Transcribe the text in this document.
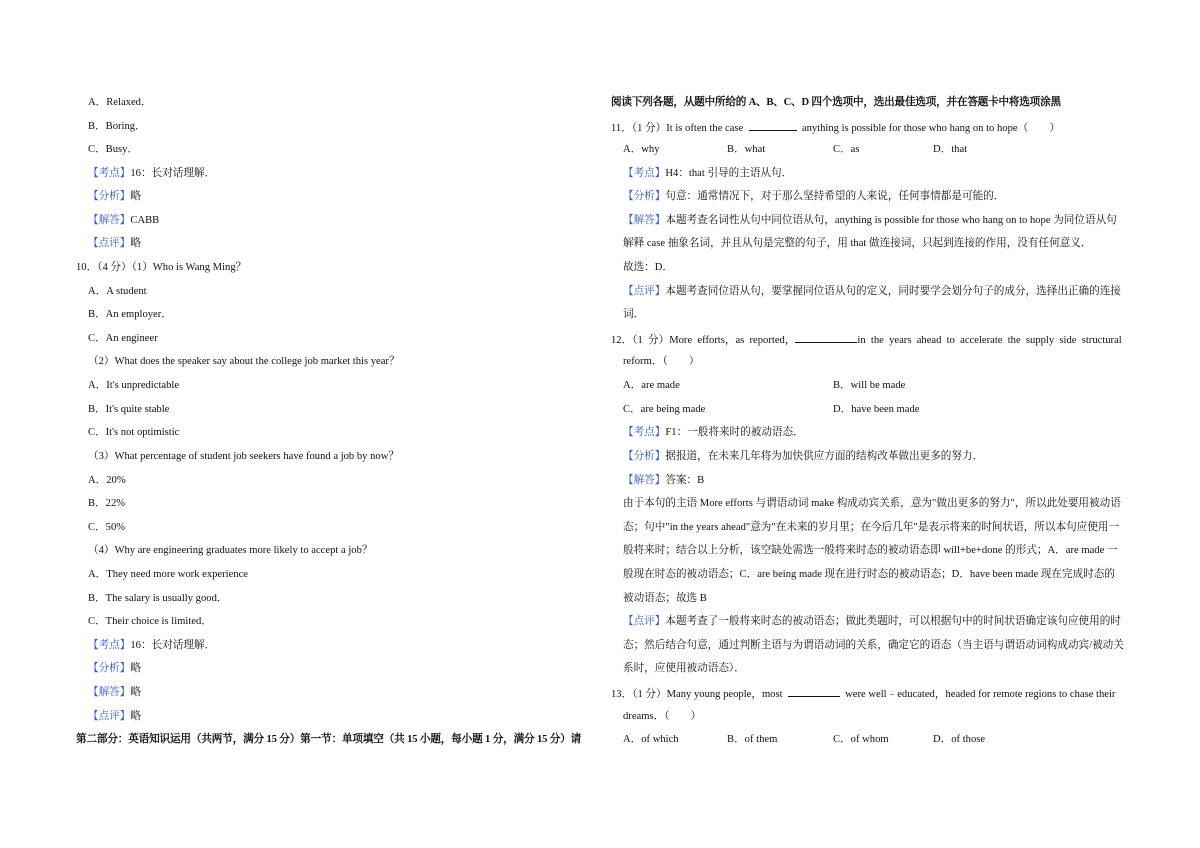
A．Relaxed．
B．Boring．
C．Busy．
【考点】16：长对话理解．
【分析】略
【解答】CABB
【点评】略
10．（4 分）（1）Who is Wang Ming？
A．A student
B．An employer．
C．An engineer
（2）What does the speaker say about the college job market this year？
A．It's unpredictable
B．It's quite stable
C．It's not optimistic
（3）What percentage of student job seekers have found a job by now？
A．20%
B．22%
C．50%
（4）Why are engineering graduates more likely to accept a job？
A．They need more work experience
B．The salary is usually good．
C．Their choice is limited．
【考点】16：长对话理解．
【分析】略
【解答】略
【点评】略
第二部分：英语知识运用（共两节，满分 15 分）第一节：单项填空（共 15 小题，每小题 1 分，满分 15 分）请
阅读下列各题，从题中所给的 A、B、C、D 四个选项中，选出最佳选项，并在答题卡中将选项涂黑
11．（1 分）It is often the case	anything is possible for those who hang on to hope（　　）
A．why	B．what	C．as	D．that
【考点】H4：that 引导的主语从句．
【分析】句意：通常情况下，对于那么坚持希望的人来说，任何事情都是可能的．
【解答】本题考查名词性从句中同位语从句，anything is possible for those who hang on to hope 为同位语从句
解释 case 抽象名词，并且从句是完整的句子，用 that 做连接词，只起到连接的作用，没有任何意义．
故选：D．
【点评】本题考查同位语从句，要掌握同位语从句的定义，同时要学会划分句子的成分，选择出正确的连接
词．
12．（1 分）More efforts，as reported，	in the years ahead to accelerate the supply side structural
reform．（　　）
A．are made	B．will be made
C．are being made	D．have been made
【考点】F1：一般将来时的被动语态．
【分析】据报道，在未来几年将为加快供应方面的结构改革做出更多的努力．
【解答】答案：B
由于本句的主语 More efforts 与谓语动词 make 构成动宾关系，意为"做出更多的努力"，所以此处要用被动语
态；句中"in the years ahead"意为"在未来的岁月里；在今后几年"是表示将来的时间状语，所以本句应使用一
般将来时；结合以上分析，该空缺处需选一般将来时态的被动语态即 will+be+done 的形式；A．are made 一
般现在时态的被动语态；C．are being made 现在进行时态的被动语态；D．have been made 现在完成时态的
被动语态；故选 B
【点评】本题考查了一般将来时态的被动语态；做此类题时，可以根据句中的时间状语确定该句应使用的时
态；然后结合句意，通过判断主语与为谓语动词的关系，确定它的语态（当主语与谓语动词构成动宾/被动关
系时，应使用被动语态）．
13．（1 分）Many young people，most	were well﹣educated，headed for remote regions to chase their
dreams．（　　）
A．of which	B．of them	C．of whom	D．of those
